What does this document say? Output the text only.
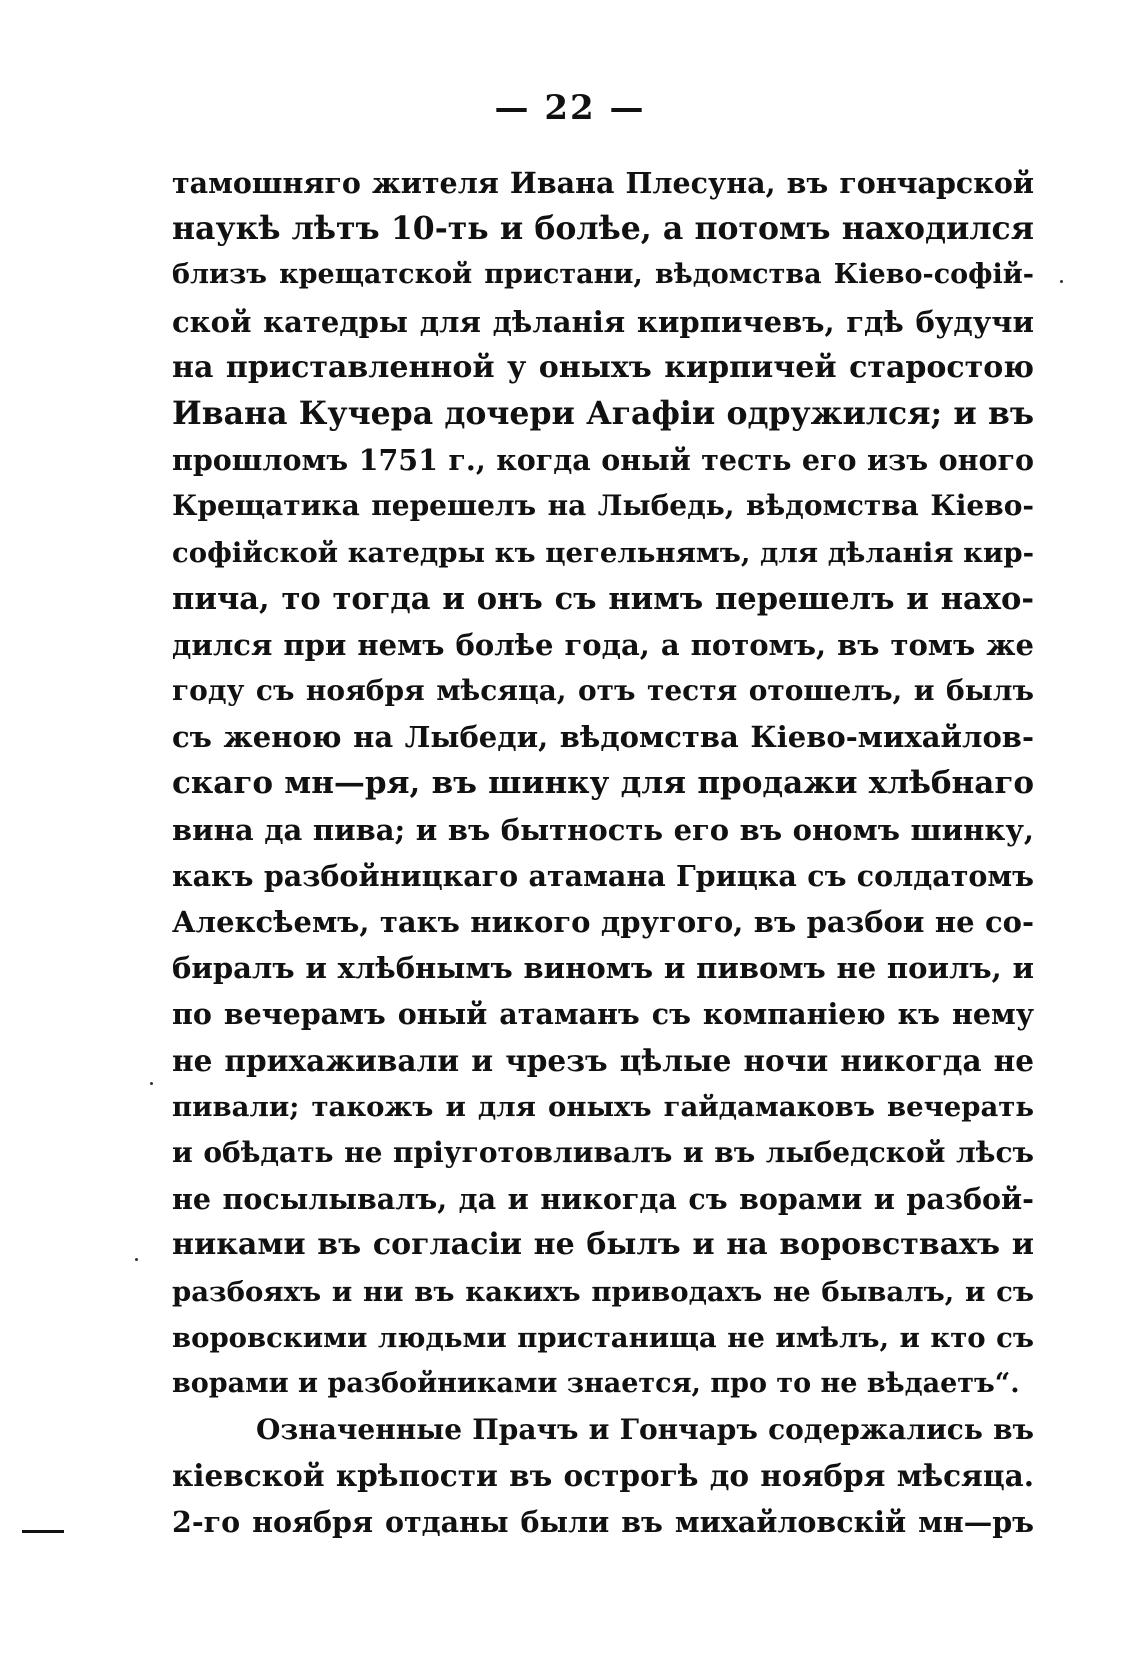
— 22 —
тамошняго жителя Ивана Плесуна, въ гончарской
наукѣ лѣтъ 10-ть и болѣе, а потомъ находился
близъ крещатской пристани, вѣдомства Кіево-софій-
ской катедры для дѣланія кирпичевъ, гдѣ будучи
на приставленной у оныхъ кирпичей старостою
Ивана Кучера дочери Агафіи одружился; и въ
прошломъ 1751 г., когда оный тесть его изъ оного
Крещатика перешелъ на Лыбедь, вѣдомства Кіево-
софійской катедры къ цегельнямъ, для дѣланія кир-
пича, то тогда и онъ съ нимъ перешелъ и нахо-
дился при немъ болѣе года, а потомъ, въ томъ же
году съ ноября мѣсяца, отъ тестя отошелъ, и былъ
съ женою на Лыбеди, вѣдомства Кіево-михайлов-
скаго мн—ря, въ шинку для продажи хлѣбнаго
вина да пива; и въ бытность его въ ономъ шинку,
какъ разбойницкаго атамана Грицка съ солдатомъ
Алексѣемъ, такъ никого другого, въ разбои не со-
биралъ и хлѣбнымъ виномъ и пивомъ не поилъ, и
по вечерамъ оный атаманъ съ компаніею къ нему
не прихаживали и чрезъ цѣлые ночи никогда не
пивали; такожъ и для оныхъ гайдамаковъ вечерать
и обѣдать не пріуготовливалъ и въ лыбедской лѣсъ
не посылывалъ, да и никогда съ ворами и разбой-
никами въ согласіи не былъ и на воровствахъ и
разбояхъ и ни въ какихъ приводахъ не бывалъ, и съ
воровскими людьми пристанища не имѣлъ, и кто съ
ворами и разбойниками знается, про то не вѣдаетъ“.
Означенные Прачъ и Гончаръ содержались въ
кіевской крѣпости въ острогѣ до ноября мѣсяца.
2-го ноября отданы были въ михайловскій мн—ръ
